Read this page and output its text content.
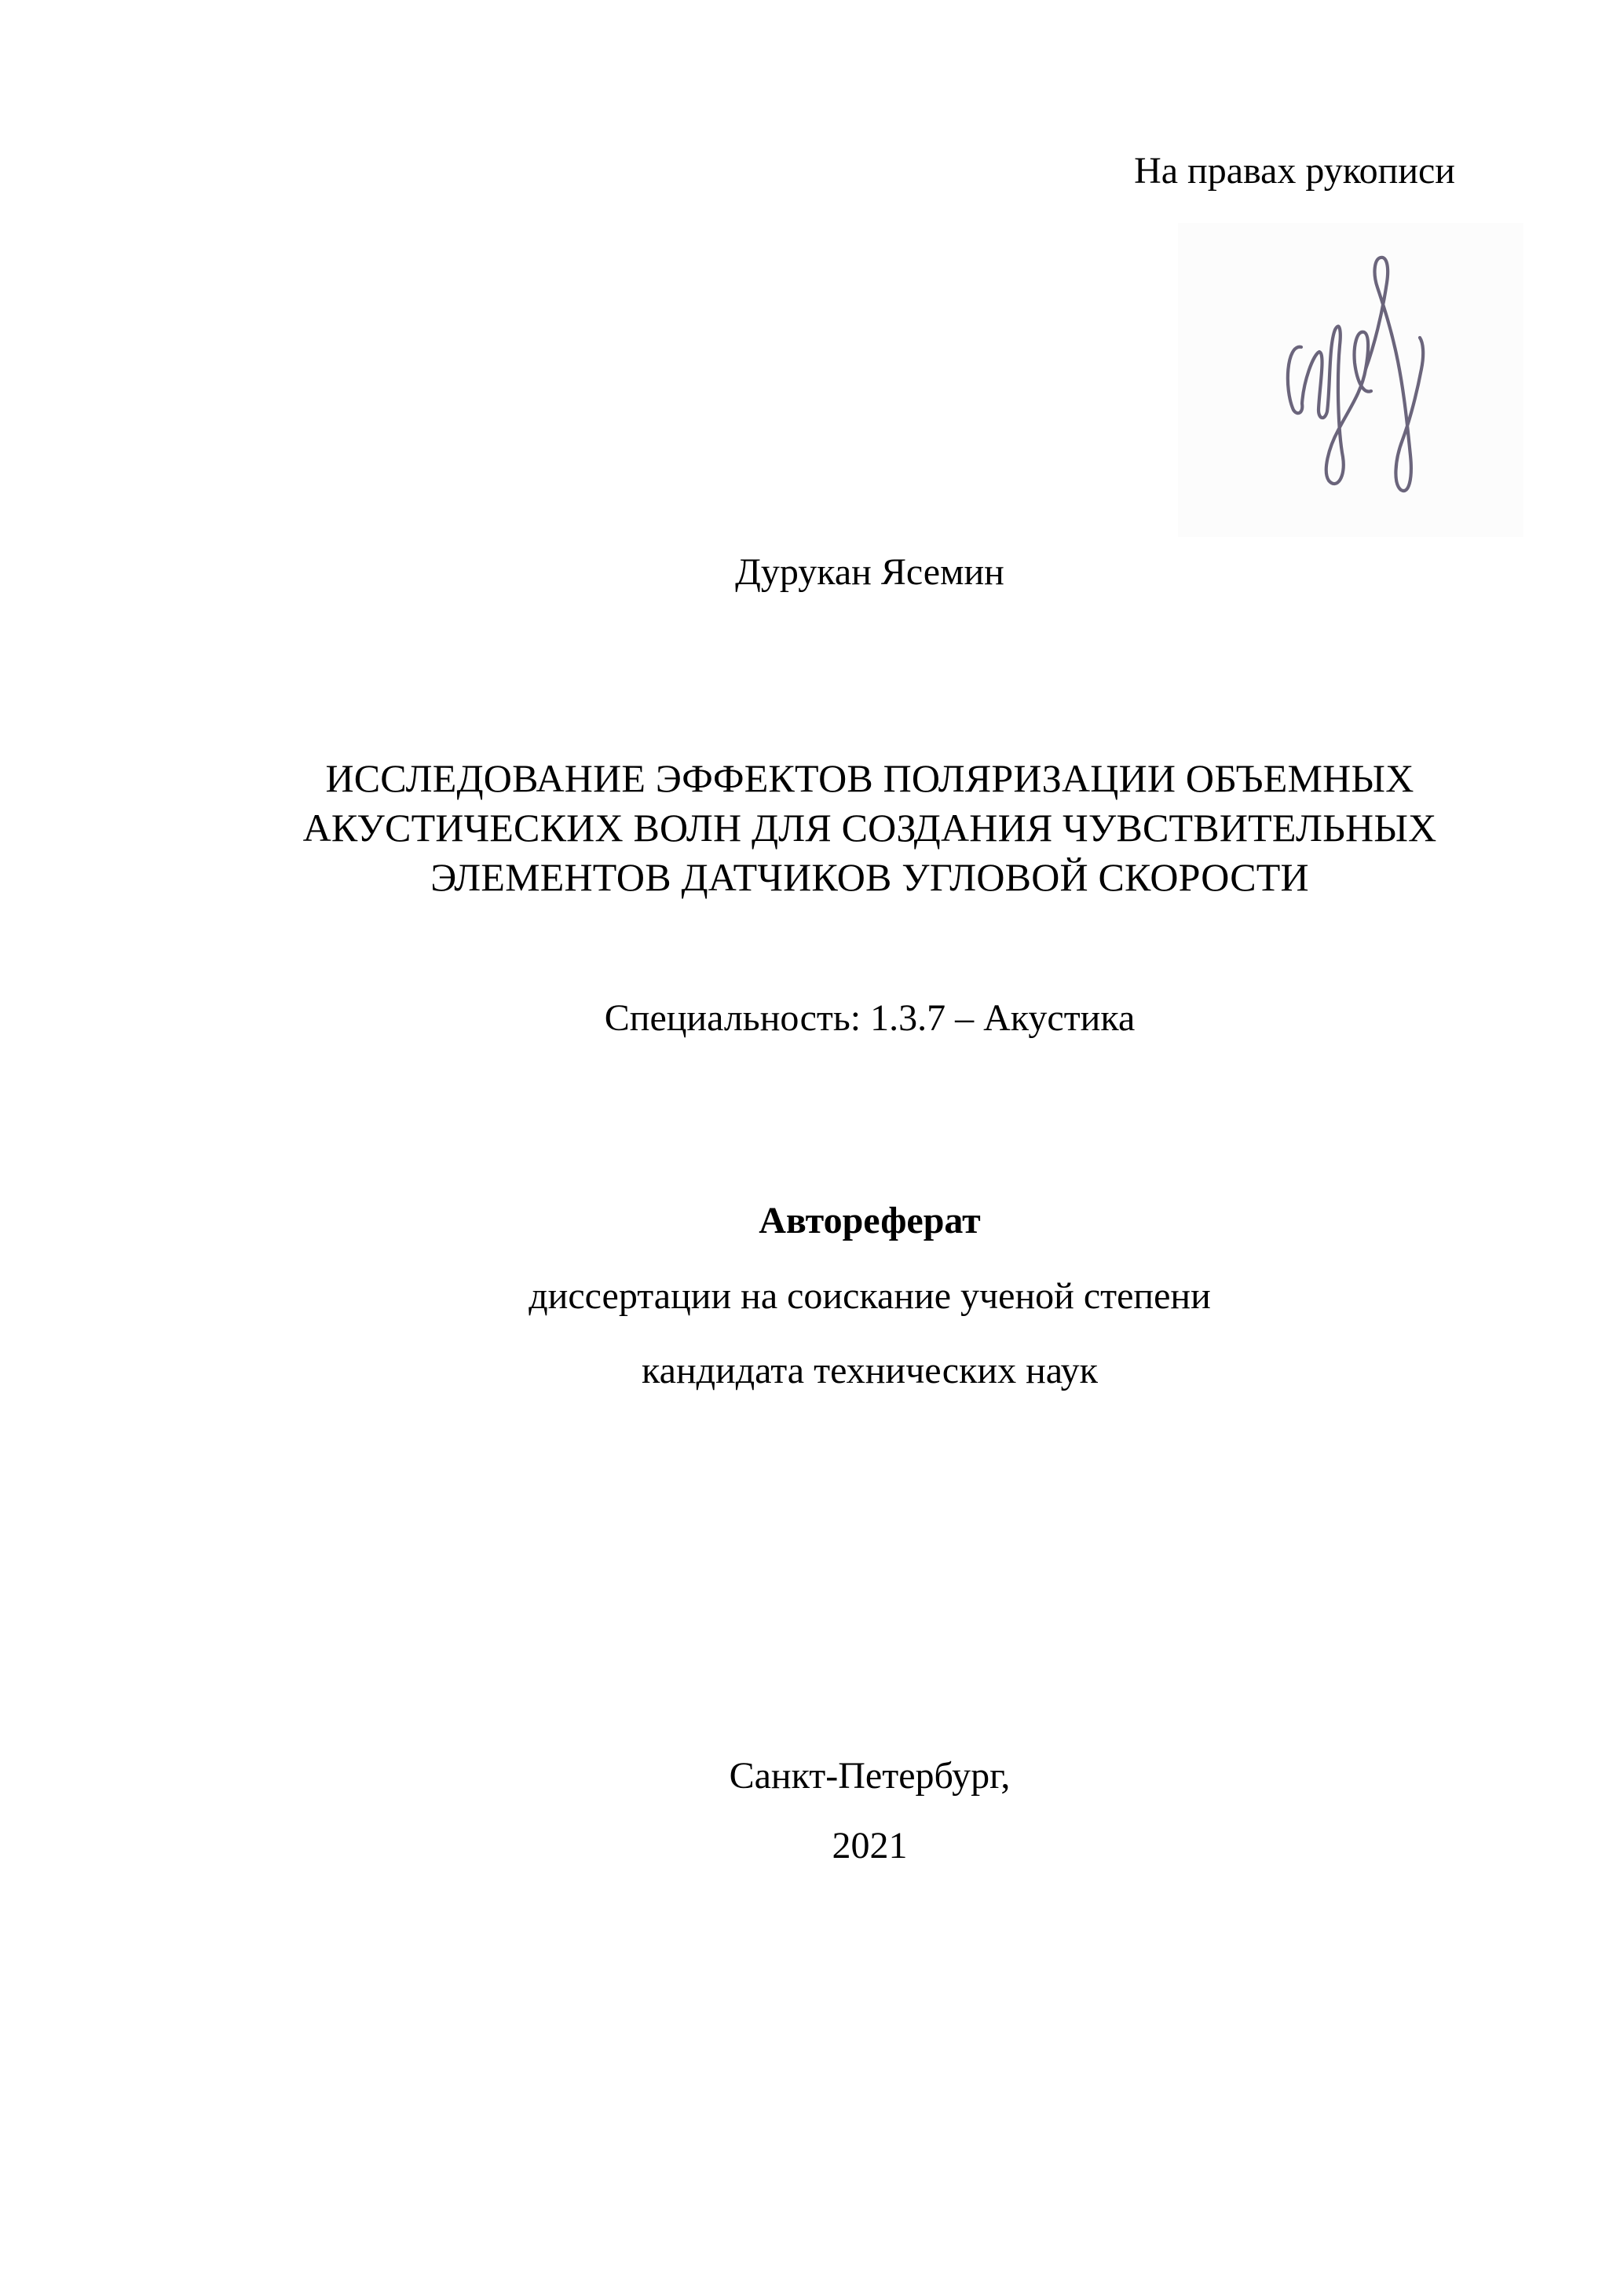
На правах рукописи
Дурукан Ясемин
ИССЛЕДОВАНИЕ ЭФФЕКТОВ ПОЛЯРИЗАЦИИ ОБЪЕМНЫХ
АКУСТИЧЕСКИХ ВОЛН ДЛЯ СОЗДАНИЯ ЧУВСТВИТЕЛЬНЫХ
ЭЛЕМЕНТОВ ДАТЧИКОВ УГЛОВОЙ СКОРОСТИ
Специальность: 1.3.7 – Акустика
Автореферат
диссертации на соискание ученой степени
кандидата технических наук
Санкт-Петербург,
2021
